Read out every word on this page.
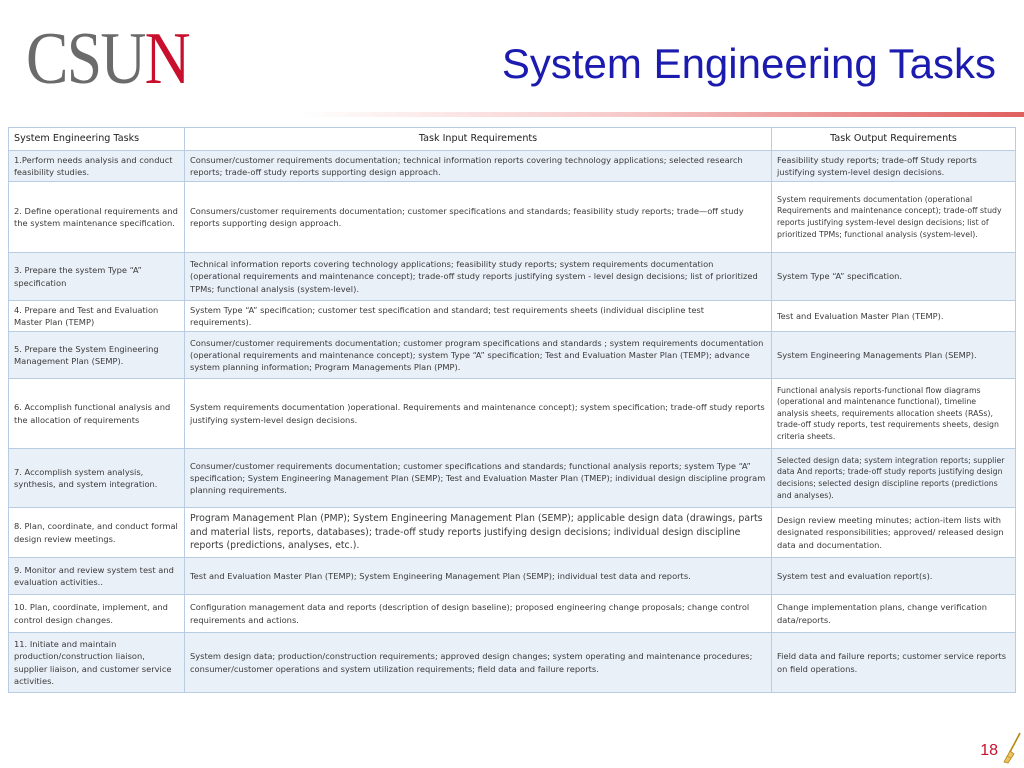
CSU N	System Engineering Tasks
System Engineering Tasks	Task Input Requirements	Task Output Requirements
1.Perform needs analysis and conduct feasibility studies.	Consumer/customer requirements documentation; technical information reports covering technology applications; selected research reports; trade-off study reports supporting design approach.	Feasibility study reports; trade-off Study reports justifying system-level design decisions.
2. Define operational requirements and the system maintenance specification.	Consumers/customer requirements documentation; customer specifications and standards; feasibility study reports; trade—off study reports supporting design approach.	System requirements documentation (operational Requirements and maintenance concept); trade-off study reports justifying system-level design decisions; list of prioritized TPMs; functional analysis (system-level).
3. Prepare the system Type “A” specification	Technical information reports covering technology applications; feasibility study reports; system requirements documentation (operational requirements and maintenance concept); trade-off study reports justifying system - level design decisions; list of prioritized TPMs; functional analysis (system-level).	System Type “A” specification.
4. Prepare and Test and Evaluation Master Plan (TEMP)	System Type “A” specification; customer test specification and standard; test requirements sheets (individual discipline test requirements).	Test and Evaluation Master Plan (TEMP).
5. Prepare the System Engineering Management Plan (SEMP).	Consumer/customer requirements documentation; customer program specifications and standards ; system requirements documentation (operational requirements and maintenance concept); system Type “A” specification; Test and Evaluation Master Plan (TEMP); advance system planning information; Program Managements Plan (PMP).	System Engineering Managements Plan (SEMP).
6. Accomplish functional analysis and the allocation of requirements	System requirements documentation )operational. Requirements and maintenance concept); system specification; trade-off study reports justifying system-level design decisions.	Functional analysis reports-functional flow diagrams (operational and maintenance functional), timeline analysis sheets, requirements allocation sheets (RASs), trade-off study reports, test requirements sheets, design criteria sheets.
7. Accomplish system analysis, synthesis, and system integration.	Consumer/customer requirements documentation; customer specifications and standards; functional analysis reports; system Type “A” specification; System Engineering Management Plan (SEMP); Test and Evaluation Master Plan (TMEP); individual design discipline program planning requirements.	Selected design data; system integration reports; supplier data And reports; trade-off study reports justifying design decisions; selected design discipline reports (predictions and analyses).
8. Plan, coordinate, and conduct formal design review meetings.	Program Management Plan (PMP); System Engineering Management Plan (SEMP); applicable design data (drawings, parts and material lists, reports, databases); trade-off study reports justifying design decisions; individual design discipline reports (predictions, analyses, etc.).	Design review meeting minutes; action-item lists with designated responsibilities; approved/ released design data and documentation.
9. Monitor and review system test and evaluation activities..	Test and Evaluation Master Plan (TEMP); System Engineering Management Plan (SEMP); individual test data and reports.	System test and evaluation report(s).
10. Plan, coordinate, implement, and control design changes.	Configuration management data and reports (description of design baseline); proposed engineering change proposals; change control requirements and actions.	Change implementation plans, change verification data/reports.
11. Initiate and maintain production/construction liaison, supplier liaison, and customer service activities.	System design data; production/construction requirements; approved design changes; system operating and maintenance procedures; consumer/customer operations and system utilization requirements; field data and failure reports.	Field data and failure reports; customer service reports on field operations.
18
